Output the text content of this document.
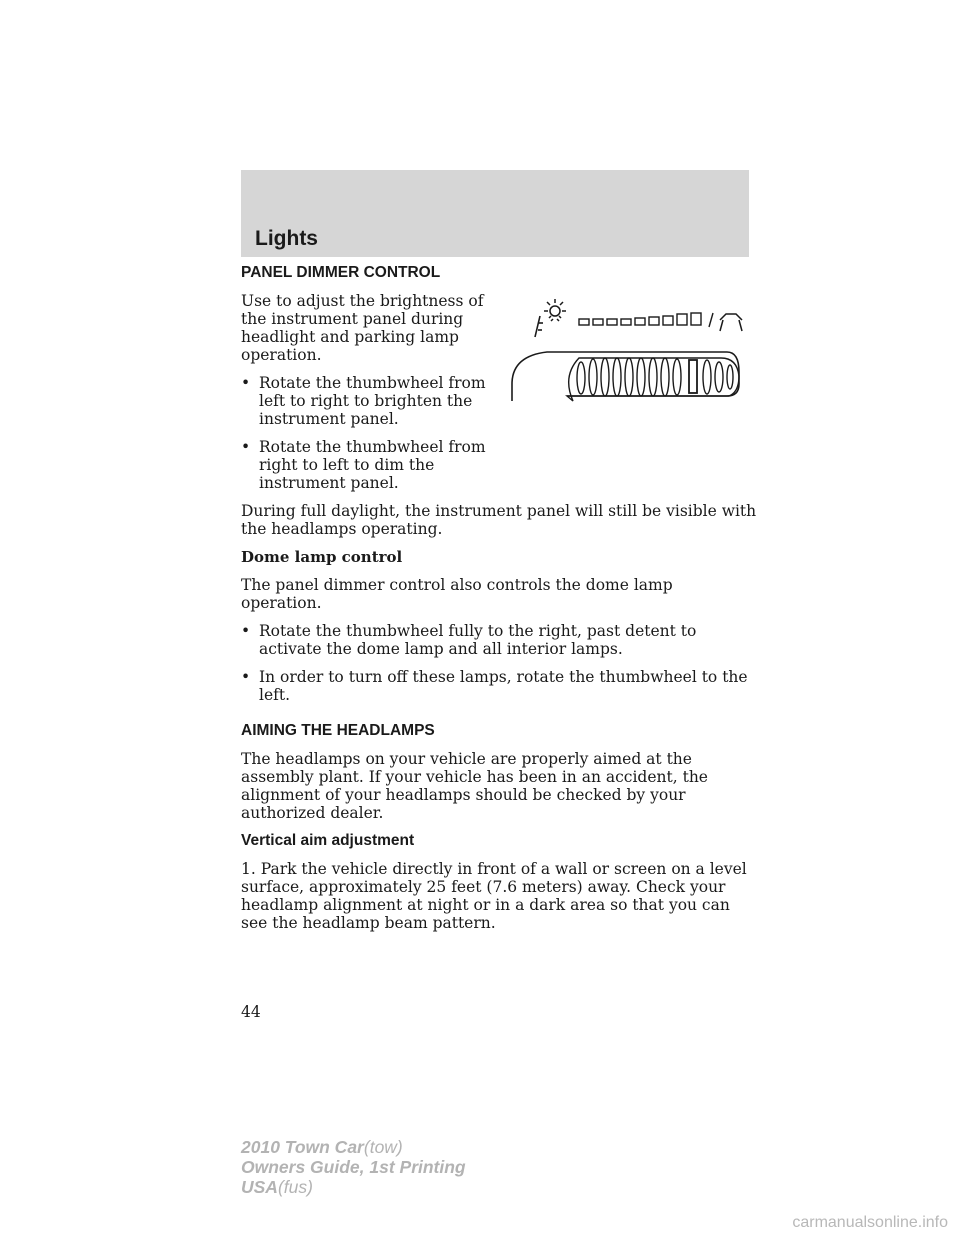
Lights
PANEL DIMMER CONTROL

Use to adjust the brightness of the instrument panel during headlight and parking lamp operation.

• Rotate the thumbwheel from left to right to brighten the instrument panel.
• Rotate the thumbwheel from right to left to dim the instrument panel.

During full daylight, the instrument panel will still be visible with the headlamps operating.

Dome lamp control

The panel dimmer control also controls the dome lamp operation.

• Rotate the thumbwheel fully to the right, past detent to activate the dome lamp and all interior lamps.
• In order to turn off these lamps, rotate the thumbwheel to the left.
AIMING THE HEADLAMPS

The headlamps on your vehicle are properly aimed at the assembly plant. If your vehicle has been in an accident, the alignment of your headlamps should be checked by your authorized dealer.

Vertical aim adjustment

1. Park the vehicle directly in front of a wall or screen on a level surface, approximately 25 feet (7.6 meters) away. Check your headlamp alignment at night or in a dark area so that you can see the headlamp beam pattern.

44
2010 Town Car(tow)
Owners Guide, 1st Printing
USA(fus)
carmanualsonline.info
